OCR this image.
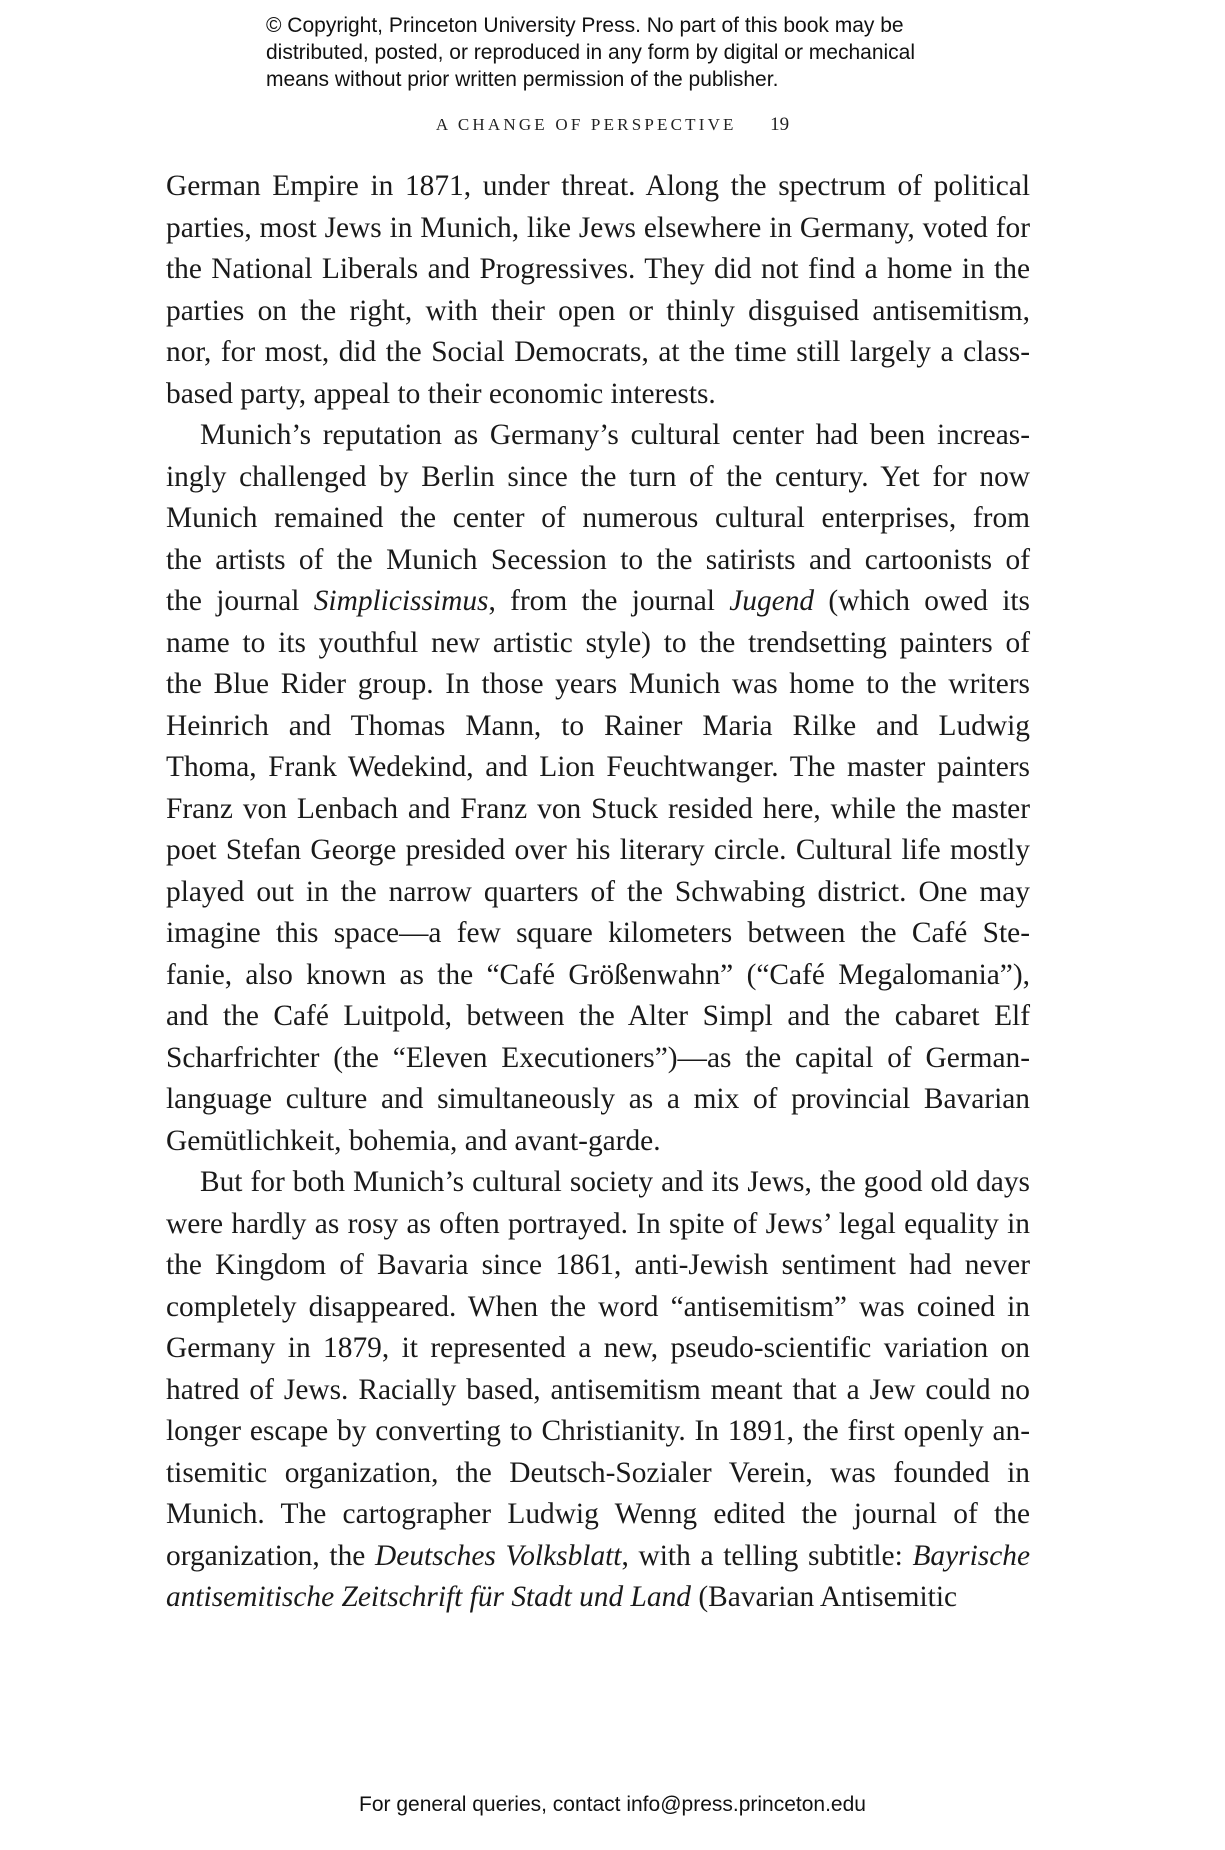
© Copyright, Princeton University Press. No part of this book may be
distributed, posted, or reproduced in any form by digital or mechanical
means without prior written permission of the publisher.
A CHANGE OF PERSPECTIVE 19
German Empire in 1871, under threat. Along the spectrum of political
parties, most Jews in Munich, like Jews elsewhere in Germany, voted for
the National Liberals and Progressives. They did not find a home in the
parties on the right, with their open or thinly disguised antisemitism,
nor, for most, did the Social Democrats, at the time still largely a class-
based party, appeal to their economic interests.
Munich’s reputation as Germany’s cultural center had been increas-
ingly challenged by Berlin since the turn of the century. Yet for now
Munich remained the center of numerous cultural enterprises, from
the artists of the Munich Secession to the satirists and cartoonists of
the journal Simplicissimus, from the journal Jugend (which owed its
name to its youthful new artistic style) to the trendsetting painters of
the Blue Rider group. In those years Munich was home to the writers
Heinrich and Thomas Mann, to Rainer Maria Rilke and Ludwig
Thoma, Frank Wedekind, and Lion Feuchtwanger. The master painters
Franz von Lenbach and Franz von Stuck resided here, while the master
poet Stefan George presided over his literary circle. Cultural life mostly
played out in the narrow quarters of the Schwabing district. One may
imagine this space—a few square kilometers between the Café Ste-
fanie, also known as the “Café Größenwahn” (“Café Megalomania”),
and the Café Luitpold, between the Alter Simpl and the cabaret Elf
Scharfrichter (the “Eleven Executioners”)—as the capital of German-
language culture and simultaneously as a mix of provincial Bavarian
Gemütlichkeit, bohemia, and avant-garde.
But for both Munich’s cultural society and its Jews, the good old days
were hardly as rosy as often portrayed. In spite of Jews’ legal equality in
the Kingdom of Bavaria since 1861, anti-Jewish sentiment had never
completely disappeared. When the word “antisemitism” was coined in
Germany in 1879, it represented a new, pseudo-scientific variation on
hatred of Jews. Racially based, antisemitism meant that a Jew could no
longer escape by converting to Christianity. In 1891, the first openly an-
tisemitic organization, the Deutsch-Sozialer Verein, was founded in
Munich. The cartographer Ludwig Wenng edited the journal of the
organization, the Deutsches Volksblatt, with a telling subtitle: Bayrische
antisemitische Zeitschrift für Stadt und Land (Bavarian Antisemitic
For general queries, contact info@press.princeton.edu
